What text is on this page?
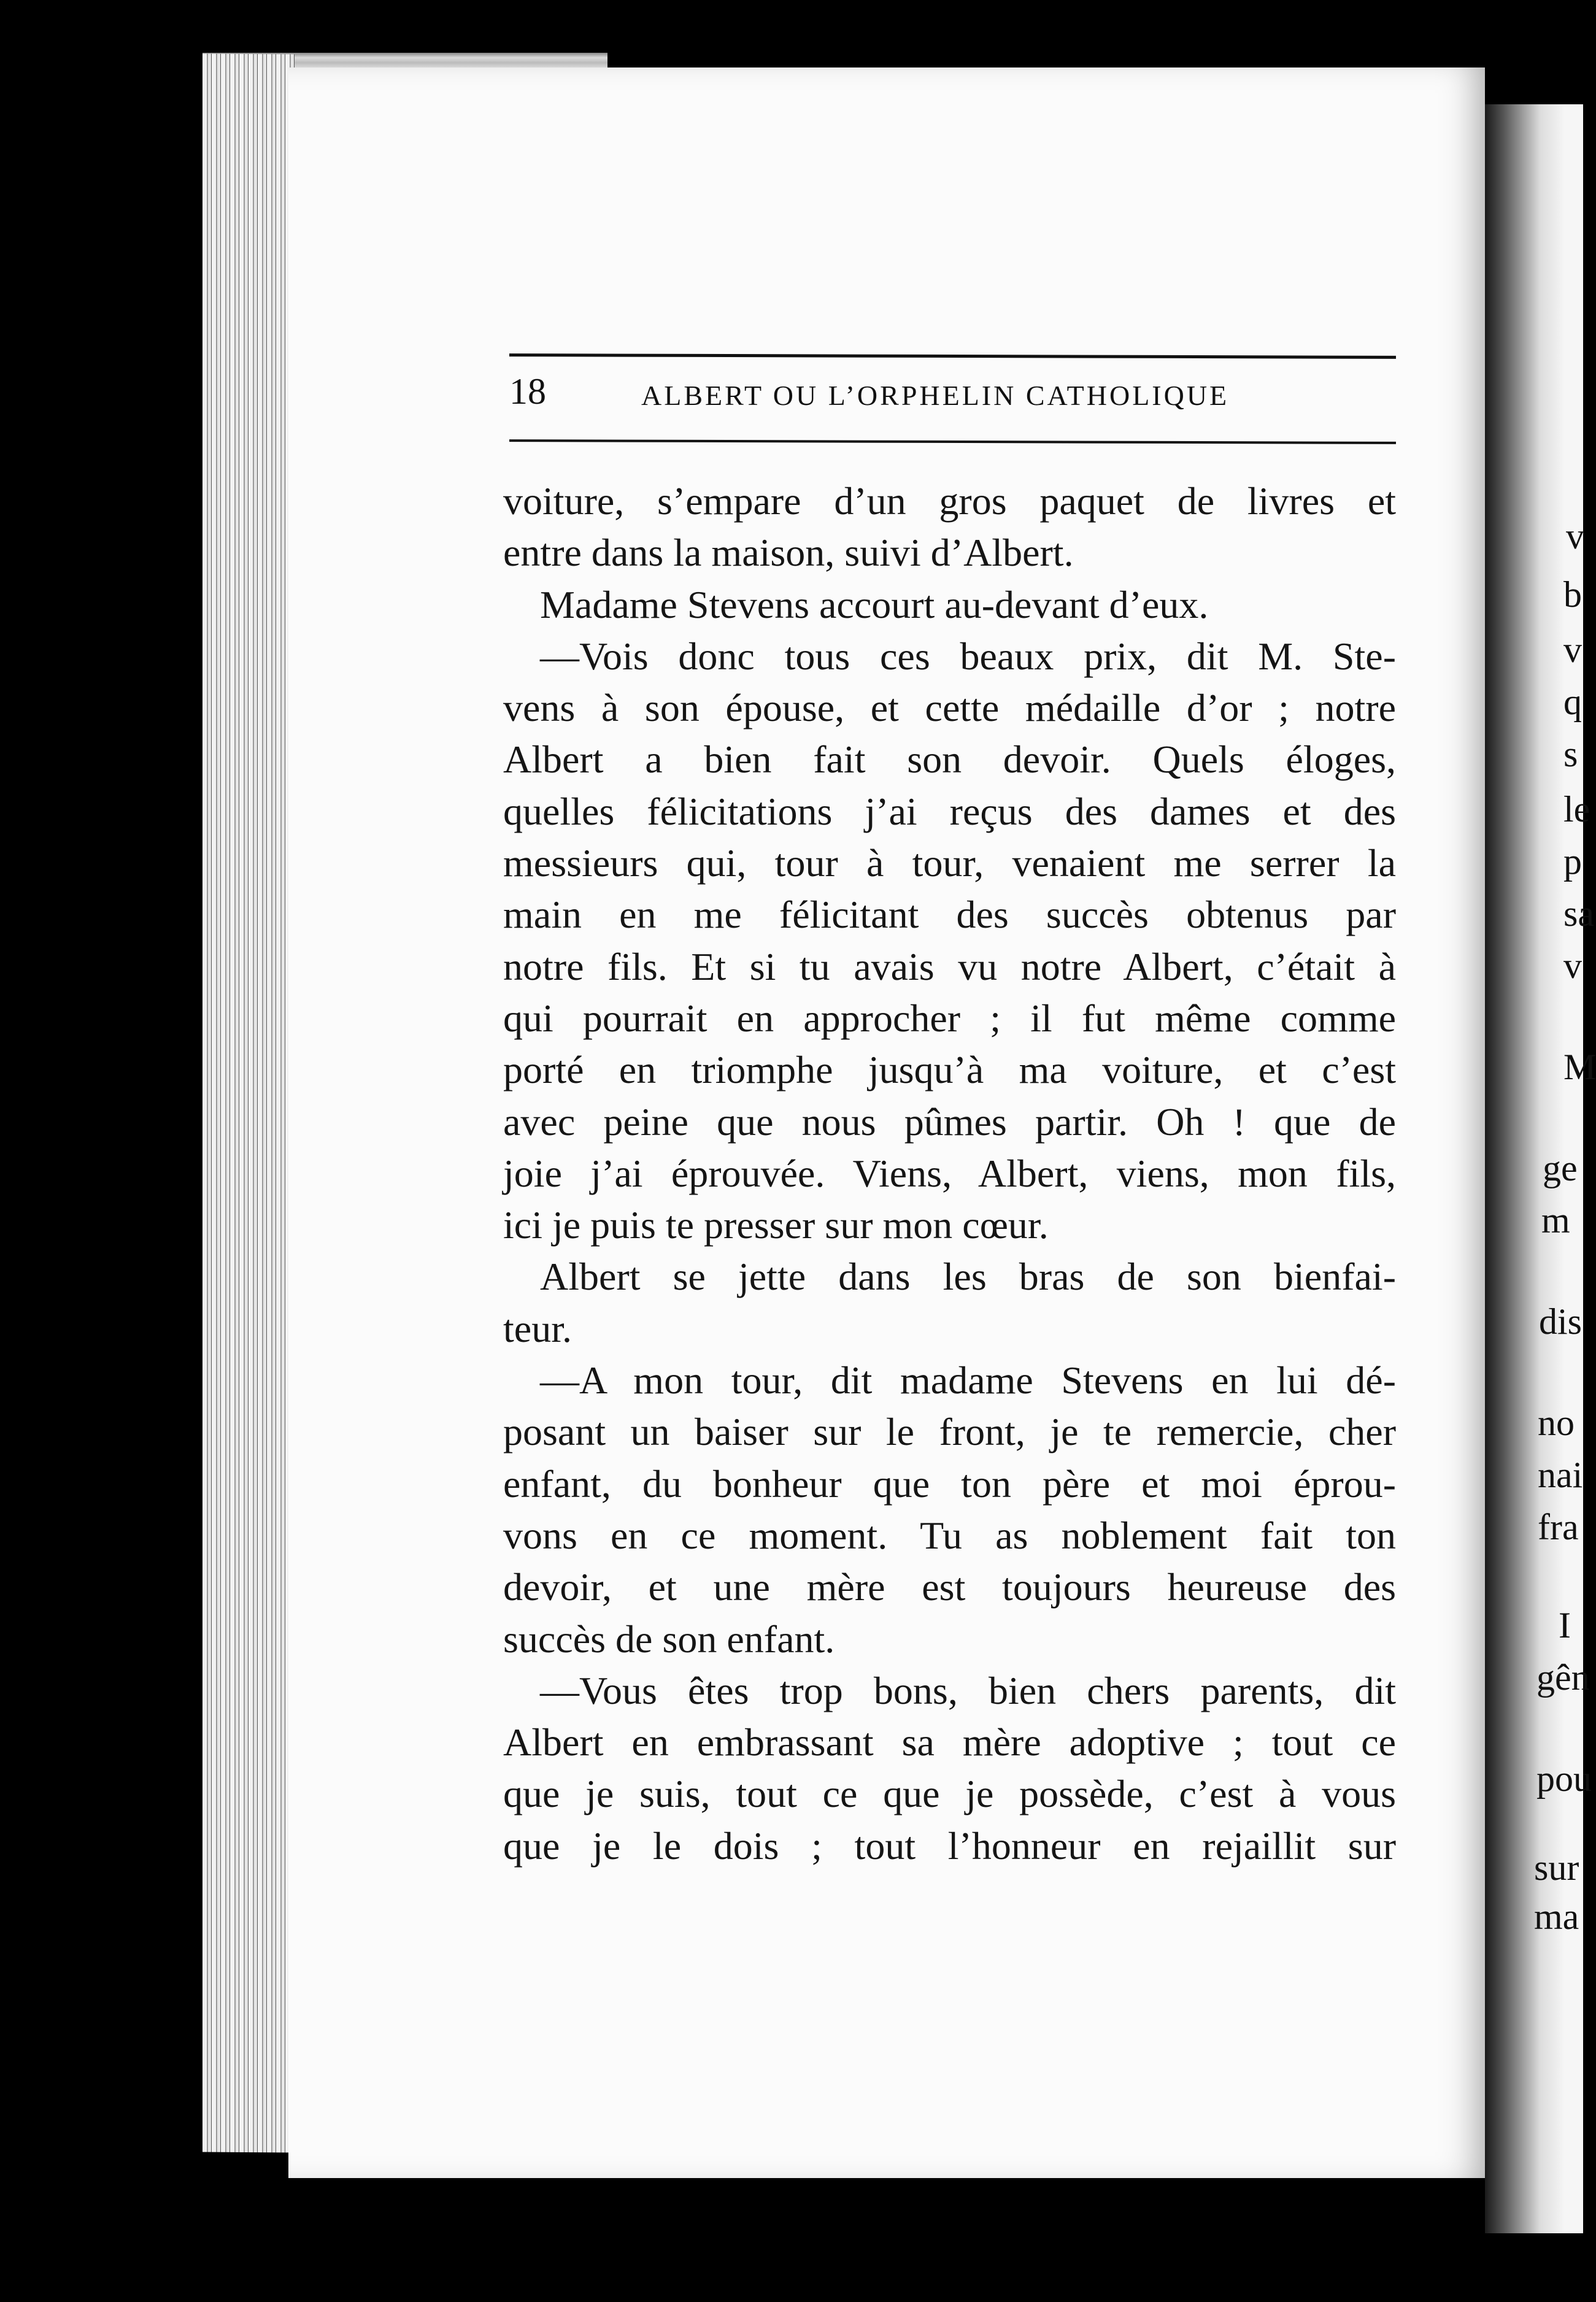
v
b
v
q
s
le
p
sa
v
M
ge
m
dis
no
nai
fra
I
gên
pou
sur
ma
18	ALBERT OU L’ORPHELIN CATHOLIQUE
voiture, s’empare d’un gros paquet de livres et
entre dans la maison, suivi d’Albert.
Madame Stevens accourt au-devant d’eux.
—Vois donc tous ces beaux prix, dit M. Ste-
vens à son épouse, et cette médaille d’or ; notre
Albert a bien fait son devoir. Quels éloges,
quelles félicitations j’ai reçus des dames et des
messieurs qui, tour à tour, venaient me serrer la
main en me félicitant des succès obtenus par
notre fils. Et si tu avais vu notre Albert, c’était à
qui pourrait en approcher ; il fut même comme
porté en triomphe jusqu’à ma voiture, et c’est
avec peine que nous pûmes partir. Oh ! que de
joie j’ai éprouvée. Viens, Albert, viens, mon fils,
ici je puis te presser sur mon cœur.
Albert se jette dans les bras de son bienfai-
teur.
—A mon tour, dit madame Stevens en lui dé-
posant un baiser sur le front, je te remercie, cher
enfant, du bonheur que ton père et moi éprou-
vons en ce moment. Tu as noblement fait ton
devoir, et une mère est toujours heureuse des
succès de son enfant.
—Vous êtes trop bons, bien chers parents, dit
Albert en embrassant sa mère adoptive ; tout ce
que je suis, tout ce que je possède, c’est à vous
que je le dois ; tout l’honneur en rejaillit sur
